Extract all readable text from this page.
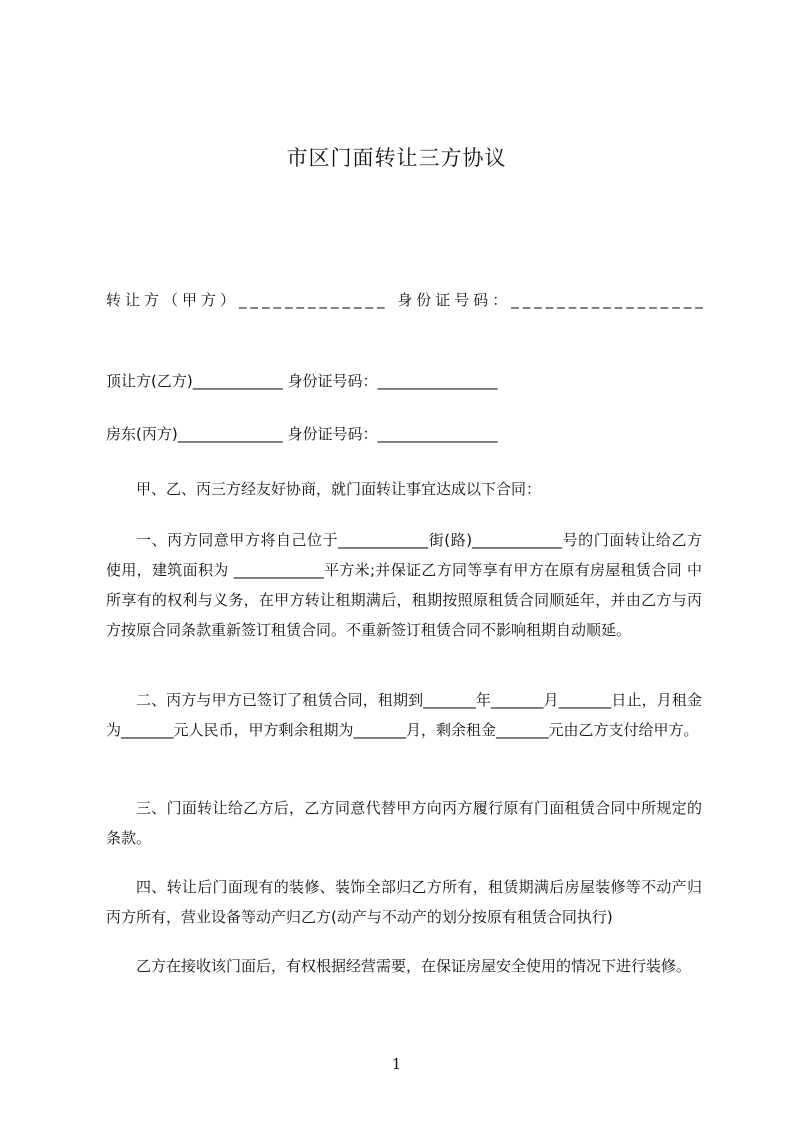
市区门面转让三方协议
转让方（甲方）_____________ 身份证号码：_________________
顶让方(乙方)____________ 身份证号码：________________
房东(丙方)______________ 身份证号码：________________
甲、乙、丙三方经友好协商，就门面转让事宜达成以下合同：
一、丙方同意甲方将自己位于____________街(路)____________号的门面转让给乙方使用，建筑面积为 ____________平方米;并保证乙方同等享有甲方在原有房屋租赁合同 中所享有的权利与义务，在甲方转让租期满后，租期按照原租赁合同顺延年，并由乙方与丙方按原合同条款重新签订租赁合同。不重新签订租赁合同不影响租期自动顺延。
二、丙方与甲方已签订了租赁合同，租期到_______年_______月_______日止，月租金为_______元人民币，甲方剩余租期为_______月，剩余租金_______元由乙方支付给甲方。
三、门面转让给乙方后，乙方同意代替甲方向丙方履行原有门面租赁合同中所规定的条款。
四、转让后门面现有的装修、装饰全部归乙方所有，租赁期满后房屋装修等不动产归丙方所有，营业设备等动产归乙方(动产与不动产的划分按原有租赁合同执行)
乙方在接收该门面后，有权根据经营需要，在保证房屋安全使用的情况下进行装修。
1
